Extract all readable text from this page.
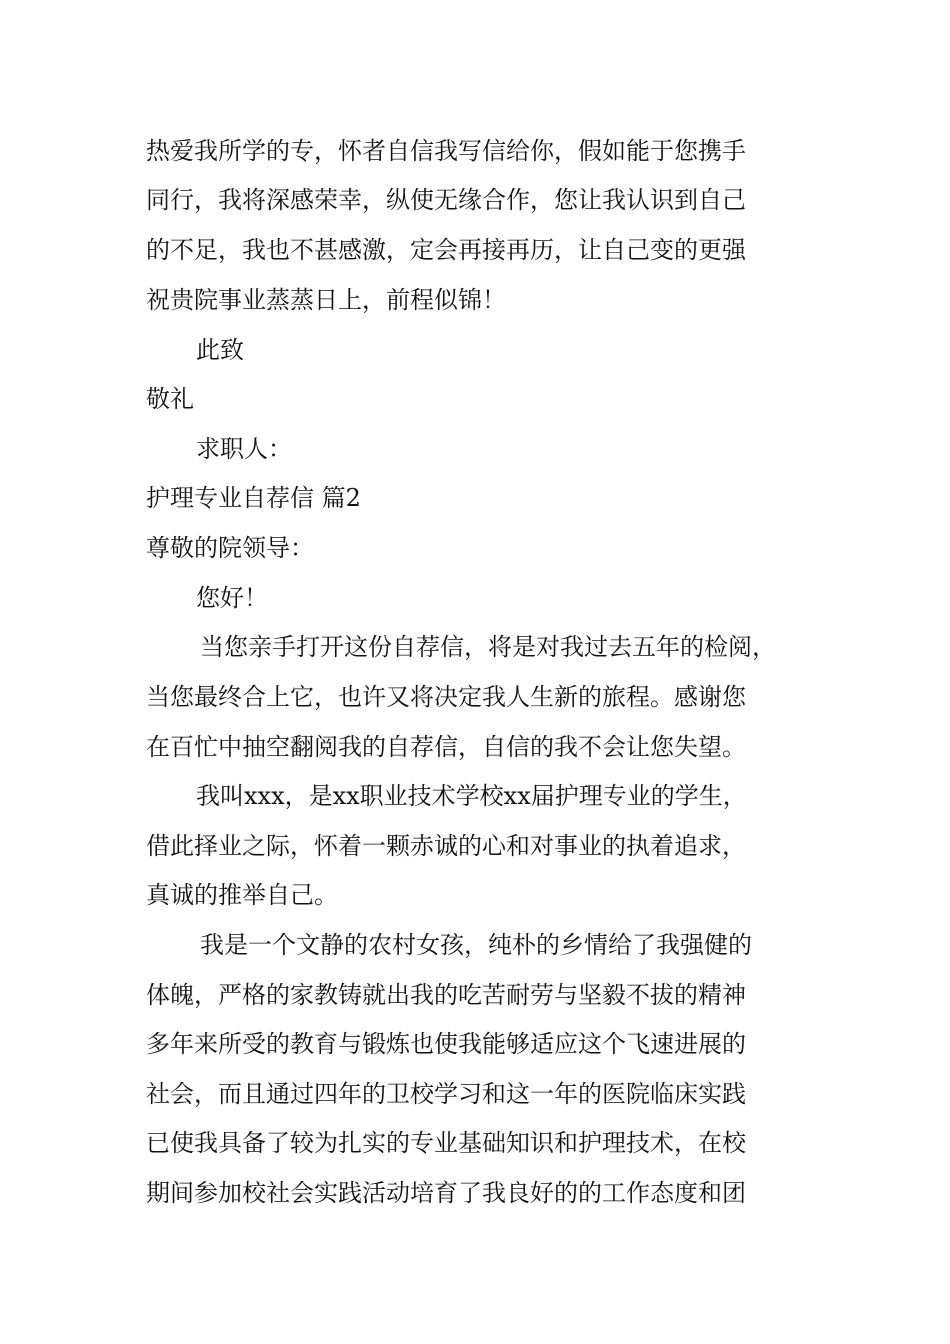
热爱我所学的专，怀者自信我写信给你，假如能于您携手
同行，我将深感荣幸，纵使无缘合作，您让我认识到自己
的不足，我也不甚感激，定会再接再历，让自己变的更强
祝贵院事业蒸蒸日上，前程似锦！
此致
敬礼
求职人：
护理专业自荐信 篇2
尊敬的院领导：
您好！
当您亲手打开这份自荐信，将是对我过去五年的检阅，
当您最终合上它，也许又将决定我人生新的旅程。感谢您
在百忙中抽空翻阅我的自荐信，自信的我不会让您失望。
我叫xxx，是xx职业技术学校xx届护理专业的学生，
借此择业之际，怀着一颗赤诚的心和对事业的执着追求，
真诚的推举自己。
我是一个文静的农村女孩，纯朴的乡情给了我强健的
体魄，严格的家教铸就出我的吃苦耐劳与坚毅不拔的精神
多年来所受的教育与锻炼也使我能够适应这个飞速进展的
社会，而且通过四年的卫校学习和这一年的医院临床实践
已使我具备了较为扎实的专业基础知识和护理技术，在校
期间参加校社会实践活动培育了我良好的的工作态度和团
